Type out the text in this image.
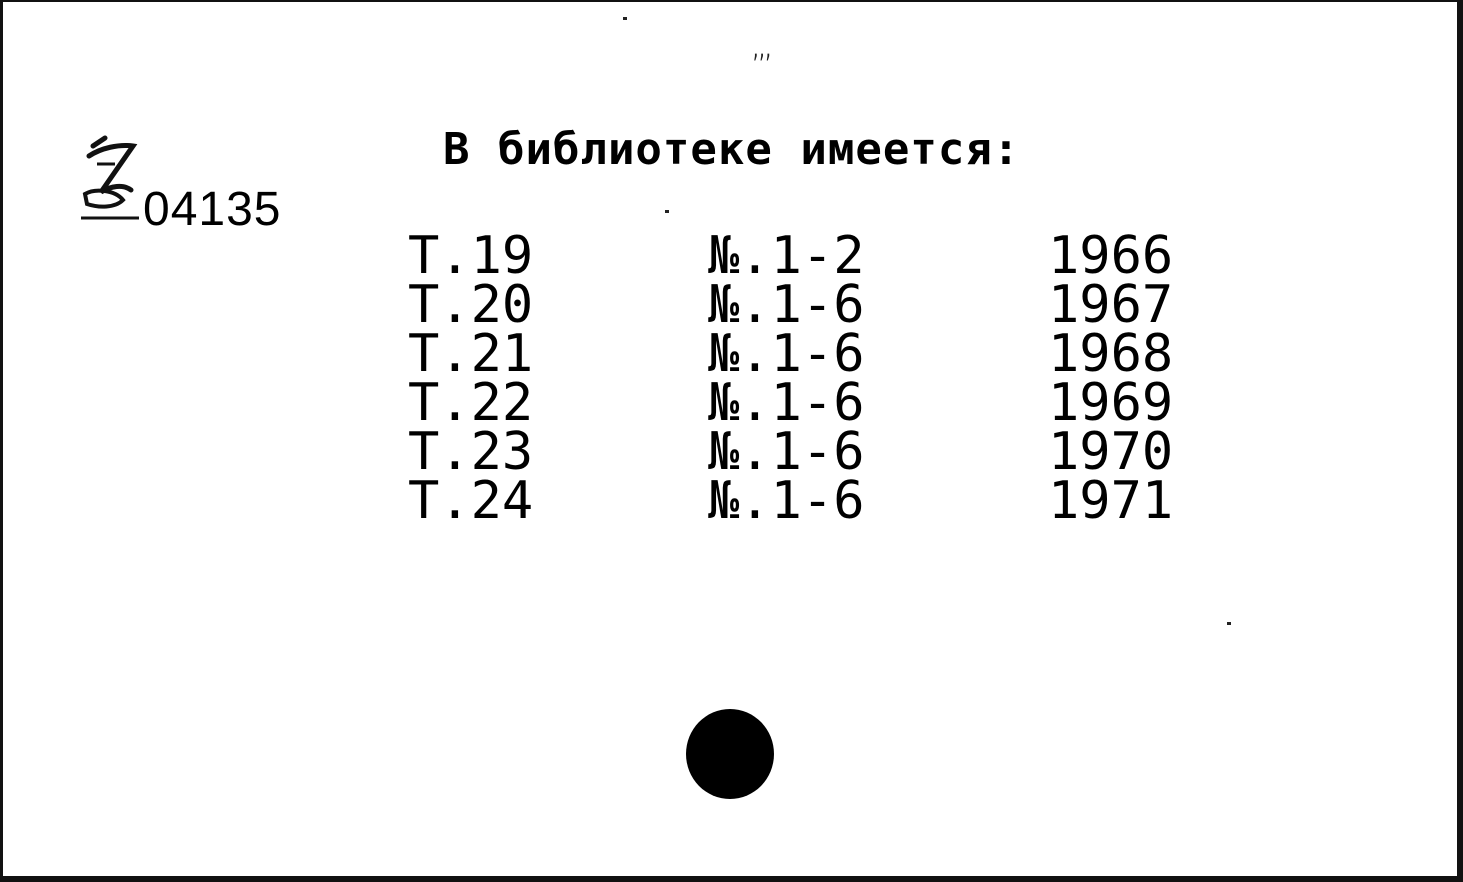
ʼʼʼ
04135
В библиотеке имеется:
Т.19	№.1-2	1966
Т.20	№.1-6	1967
Т.21	№.1-6	1968
Т.22	№.1-6	1969
Т.23	№.1-6	1970
Т.24	№.1-6	1971
